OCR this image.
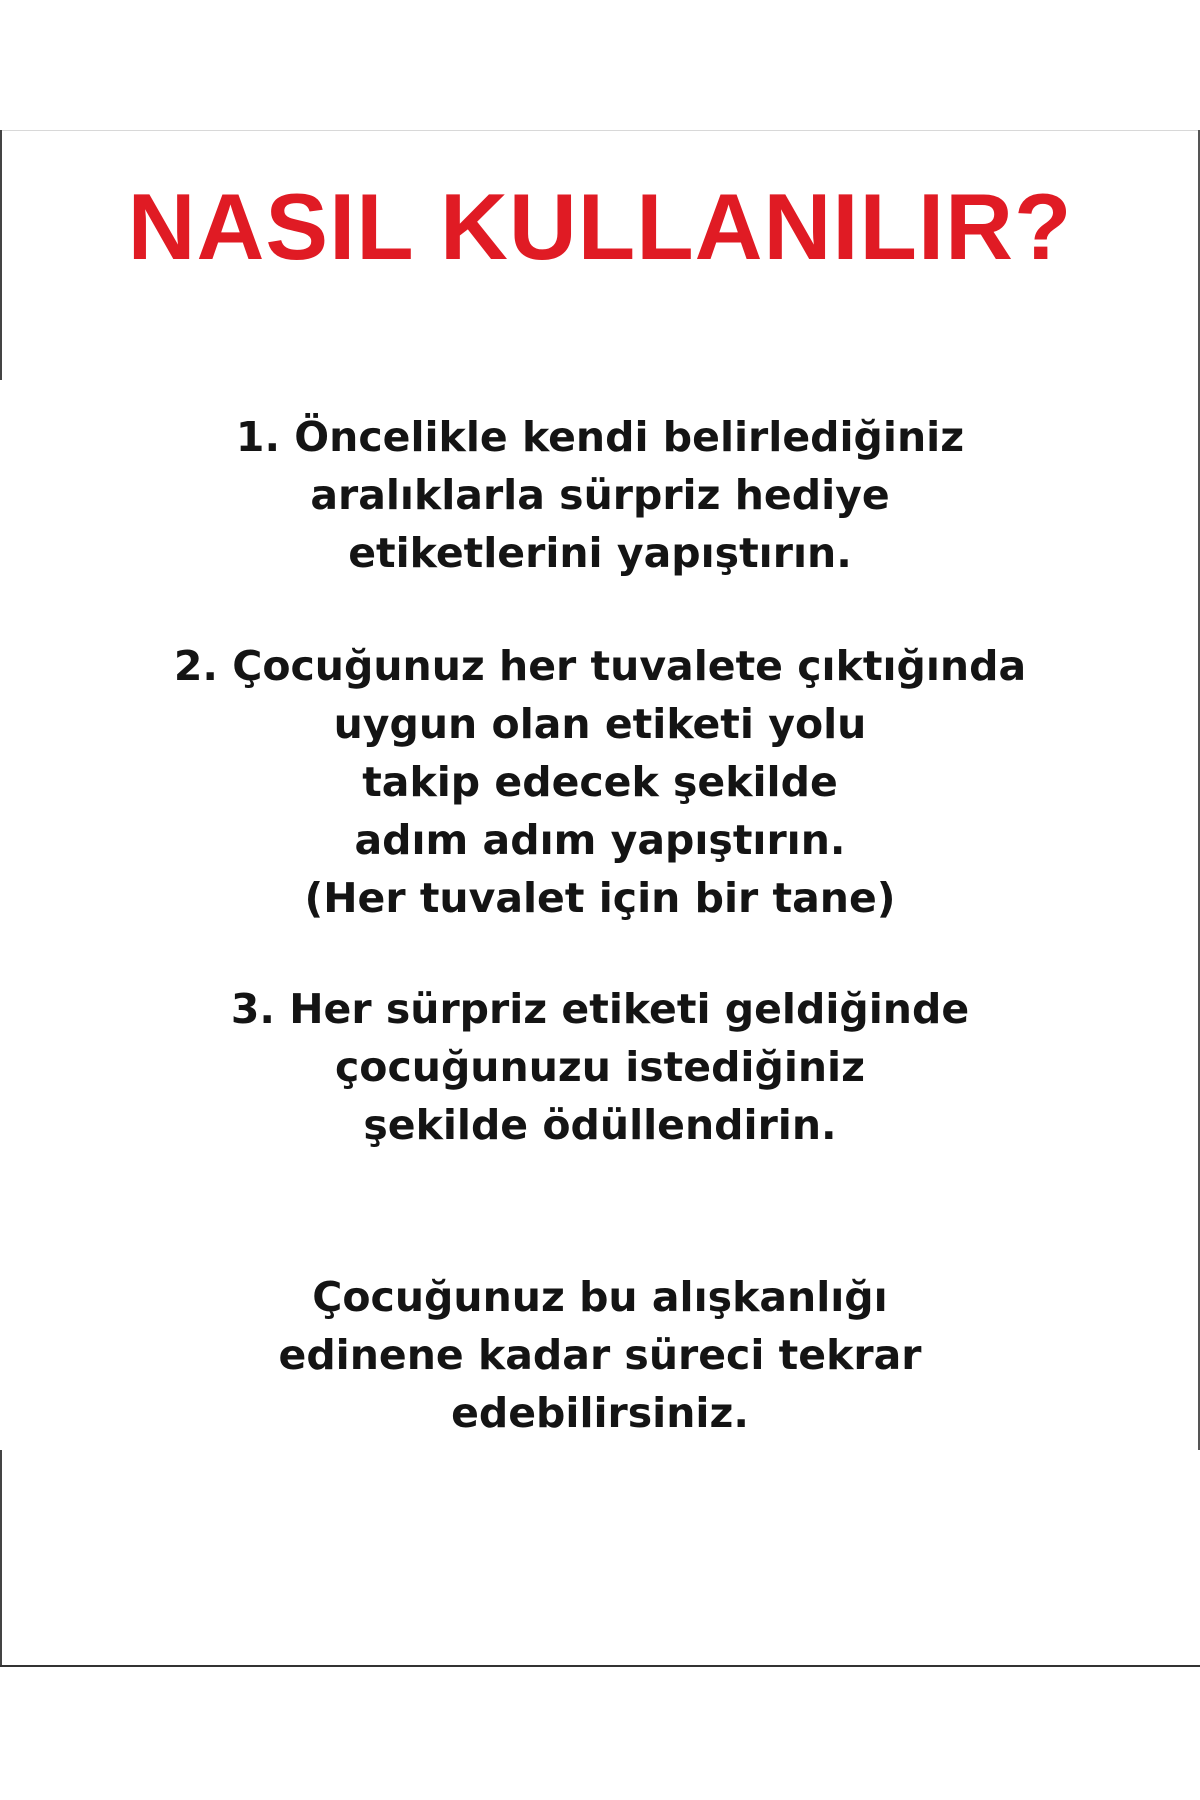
NASIL KULLANILIR?
1. Öncelikle kendi belirlediğiniz
aralıklarla sürpriz hediye
etiketlerini yapıştırın.
2. Çocuğunuz her tuvalete çıktığında
uygun olan etiketi yolu
takip edecek şekilde
adım adım yapıştırın.
(Her tuvalet için bir tane)
3. Her sürpriz etiketi geldiğinde
çocuğunuzu istediğiniz
şekilde ödüllendirin.
Çocuğunuz bu alışkanlığı
edinene kadar süreci tekrar
edebilirsiniz.
